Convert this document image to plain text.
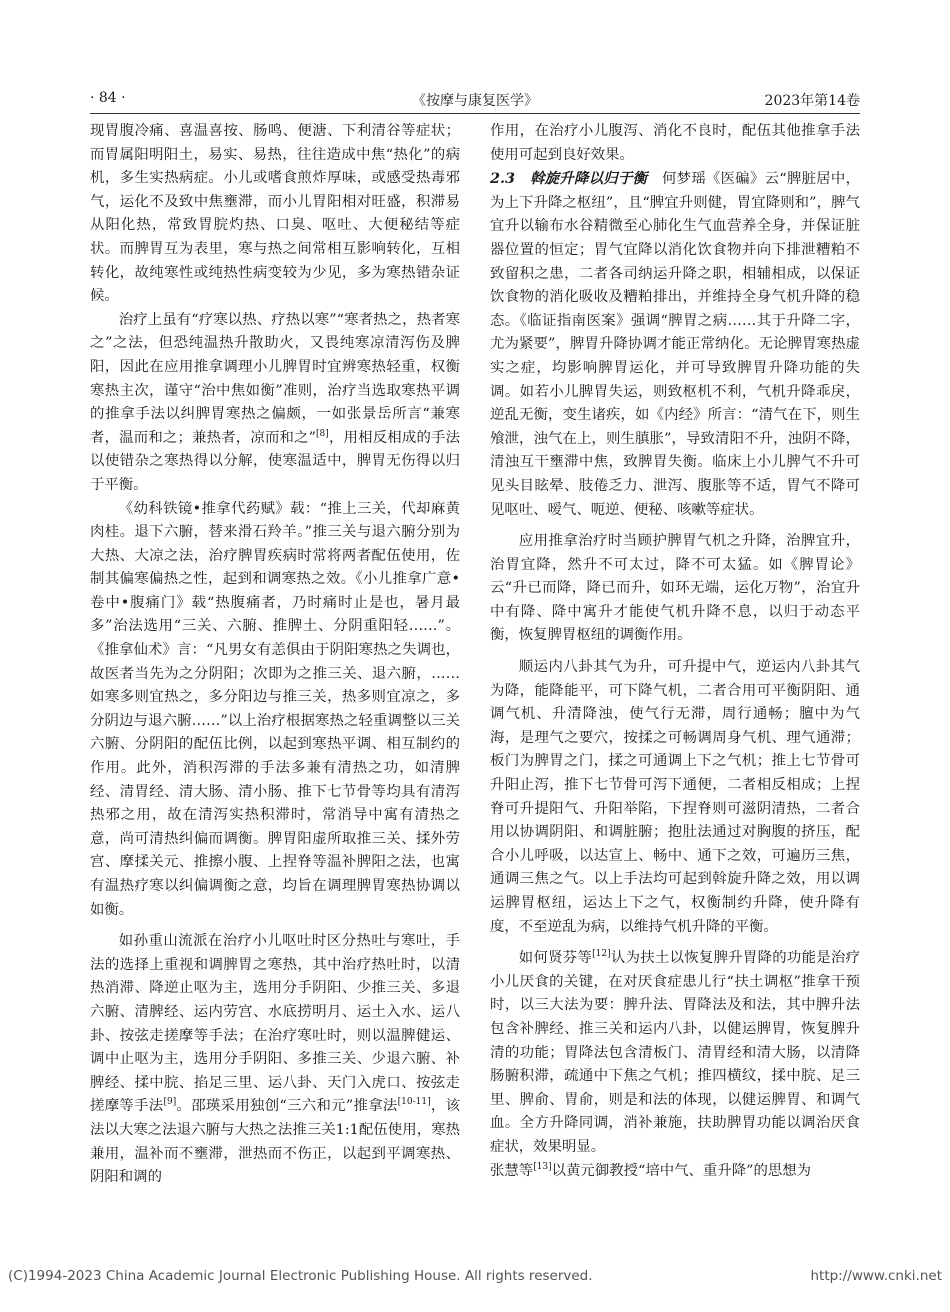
· 84 ·	《按摩与康复医学》	2023年第14卷

现胃腹冷痛、喜温喜按、肠鸣、便溏、下利清谷等症状；而胃属阳明阳土，易实、易热，往往造成中焦“热化”的病机，多生实热病症。小儿或嗜食煎炸厚味，或感受热毒邪气，运化不及致中焦壅滞，而小儿胃阳相对旺盛，积滞易从阳化热，常致胃脘灼热、口臭、呕吐、大便秘结等症状。而脾胃互为表里，寒与热之间常相互影响转化，互相转化，故纯寒性或纯热性病变较为少见，多为寒热错杂证候。

治疗上虽有“疗寒以热、疗热以寒”“寒者热之，热者寒之”之法，但恐纯温热升散助火，又畏纯寒凉清泻伤及脾阳，因此在应用推拿调理小儿脾胃时宜辨寒热轻重，权衡寒热主次，谨守“治中焦如衡”准则，治疗当选取寒热平调的推拿手法以纠脾胃寒热之偏颇，一如张景岳所言“兼寒者，温而和之；兼热者，凉而和之”[8]，用相反相成的手法以使错杂之寒热得以分解，使寒温适中，脾胃无伤得以归于平衡。

《幼科铁镜•推拿代药赋》载：“推上三关，代却麻黄肉桂。退下六腑，替来滑石羚羊。”推三关与退六腑分别为大热、大凉之法，治疗脾胃疾病时常将两者配伍使用，佐制其偏寒偏热之性，起到和调寒热之效。《小儿推拿广意•卷中•腹痛门》载“热腹痛者，乃时痛时止是也，暑月最多”治法选用“三关、六腑、推脾土、分阴重阳轻……”。《推拿仙术》言：“凡男女有恙俱由于阴阳寒热之失调也，故医者当先为之分阴阳；次即为之推三关、退六腑，……如寒多则宜热之，多分阳边与推三关，热多则宜凉之，多分阴边与退六腑……”以上治疗根据寒热之轻重调整以三关六腑、分阴阳的配伍比例，以起到寒热平调、相互制约的作用。此外，消积泻滞的手法多兼有清热之功，如清脾经、清胃经、清大肠、清小肠、推下七节骨等均具有清泻热邪之用，故在清泻实热积滞时，常消导中寓有清热之意，尚可清热纠偏而调衡。脾胃阳虚所取推三关、揉外劳宫、摩揉关元、推擦小腹、上捏脊等温补脾阳之法，也寓有温热疗寒以纠偏调衡之意，均旨在调理脾胃寒热协调以如衡。

如孙重山流派在治疗小儿呕吐时区分热吐与寒吐，手法的选择上重视和调脾胃之寒热，其中治疗热吐时，以清热消滞、降逆止呕为主，选用分手阴阳、少推三关、多退六腑、清脾经、运内劳宫、水底捞明月、运土入水、运八卦、按弦走搓摩等手法；在治疗寒吐时，则以温脾健运、调中止呕为主，选用分手阴阳、多推三关、少退六腑、补脾经、揉中脘、掐足三里、运八卦、天门入虎口、按弦走搓摩等手法[9]。邵瑛采用独创“三六和元”推拿法[10-11]，该法以大寒之法退六腑与大热之法推三关1:1配伍使用，寒热兼用，温补而不壅滞，泄热而不伤正，以起到平调寒热、阴阳和调的

作用，在治疗小儿腹泻、消化不良时，配伍其他推拿手法使用可起到良好效果。

2.3　斡旋升降以归于衡　 何梦瑶《医碥》云“脾脏居中，为上下升降之枢纽”，且“脾宜升则健，胃宜降则和”，脾气宜升以输布水谷精微至心肺化生气血营养全身，并保证脏器位置的恒定；胃气宜降以消化饮食物并向下排泄糟粕不致留积之患，二者各司纳运升降之职，相辅相成，以保证饮食物的消化吸收及糟粕排出，并维持全身气机升降的稳态。《临证指南医案》强调“脾胃之病……其于升降二字，尤为紧要”，脾胃升降协调才能正常纳化。无论脾胃寒热虚实之症，均影响脾胃运化，并可导致脾胃升降功能的失调。如若小儿脾胃失运，则致枢机不利，气机升降乖戾，逆乱无衡，变生诸疾，如《内经》所言：“清气在下，则生飧泄，浊气在上，则生䐜胀”，导致清阳不升，浊阴不降，清浊互干壅滞中焦，致脾胃失衡。临床上小儿脾气不升可见头目眩晕、肢倦乏力、泄泻、腹胀等不适，胃气不降可见呕吐、嗳气、呃逆、便秘、咳嗽等症状。

应用推拿治疗时当顾护脾胃气机之升降，治脾宜升，治胃宜降，然升不可太过，降不可太猛。如《脾胃论》云“升已而降，降已而升，如环无端，运化万物”，治宜升中有降、降中寓升才能使气机升降不息，以归于动态平衡，恢复脾胃枢纽的调衡作用。

顺运内八卦其气为升，可升提中气，逆运内八卦其气为降，能降能平，可下降气机，二者合用可平衡阴阳、通调气机、升清降浊，使气行无滞，周行通畅；膻中为气海，是理气之要穴，按揉之可畅调周身气机、理气通滞；板门为脾胃之门，揉之可通调上下之气机；推上七节骨可升阳止泻，推下七节骨可泻下通便，二者相反相成；上捏脊可升提阳气、升阳举陷，下捏脊则可滋阴清热，二者合用以协调阴阳、和调脏腑；抱肚法通过对胸腹的挤压，配合小儿呼吸，以达宣上、畅中、通下之效，可遍历三焦，通调三焦之气。以上手法均可起到斡旋升降之效，用以调运脾胃枢纽，运达上下之气，权衡制约升降，使升降有度，不至逆乱为病，以维持气机升降的平衡。

如何贤芬等[12]认为扶土以恢复脾升胃降的功能是治疗小儿厌食的关键，在对厌食症患儿行“扶土调枢”推拿干预时，以三大法为要：脾升法、胃降法及和法，其中脾升法包含补脾经、推三关和运内八卦，以健运脾胃，恢复脾升清的功能；胃降法包含清板门、清胃经和清大肠，以清降肠腑积滞，疏通中下焦之气机；推四横纹，揉中脘、足三里、脾俞、胃俞，则是和法的体现，以健运脾胃、和调气血。全方升降同调，消补兼施，扶助脾胃功能以调治厌食症状，效果明显。

张慧等[13]以黄元御教授“培中气、重升降”的思想为

(C)1994-2023 China Academic Journal Electronic Publishing House. All rights reserved.	http://www.cnki.net
